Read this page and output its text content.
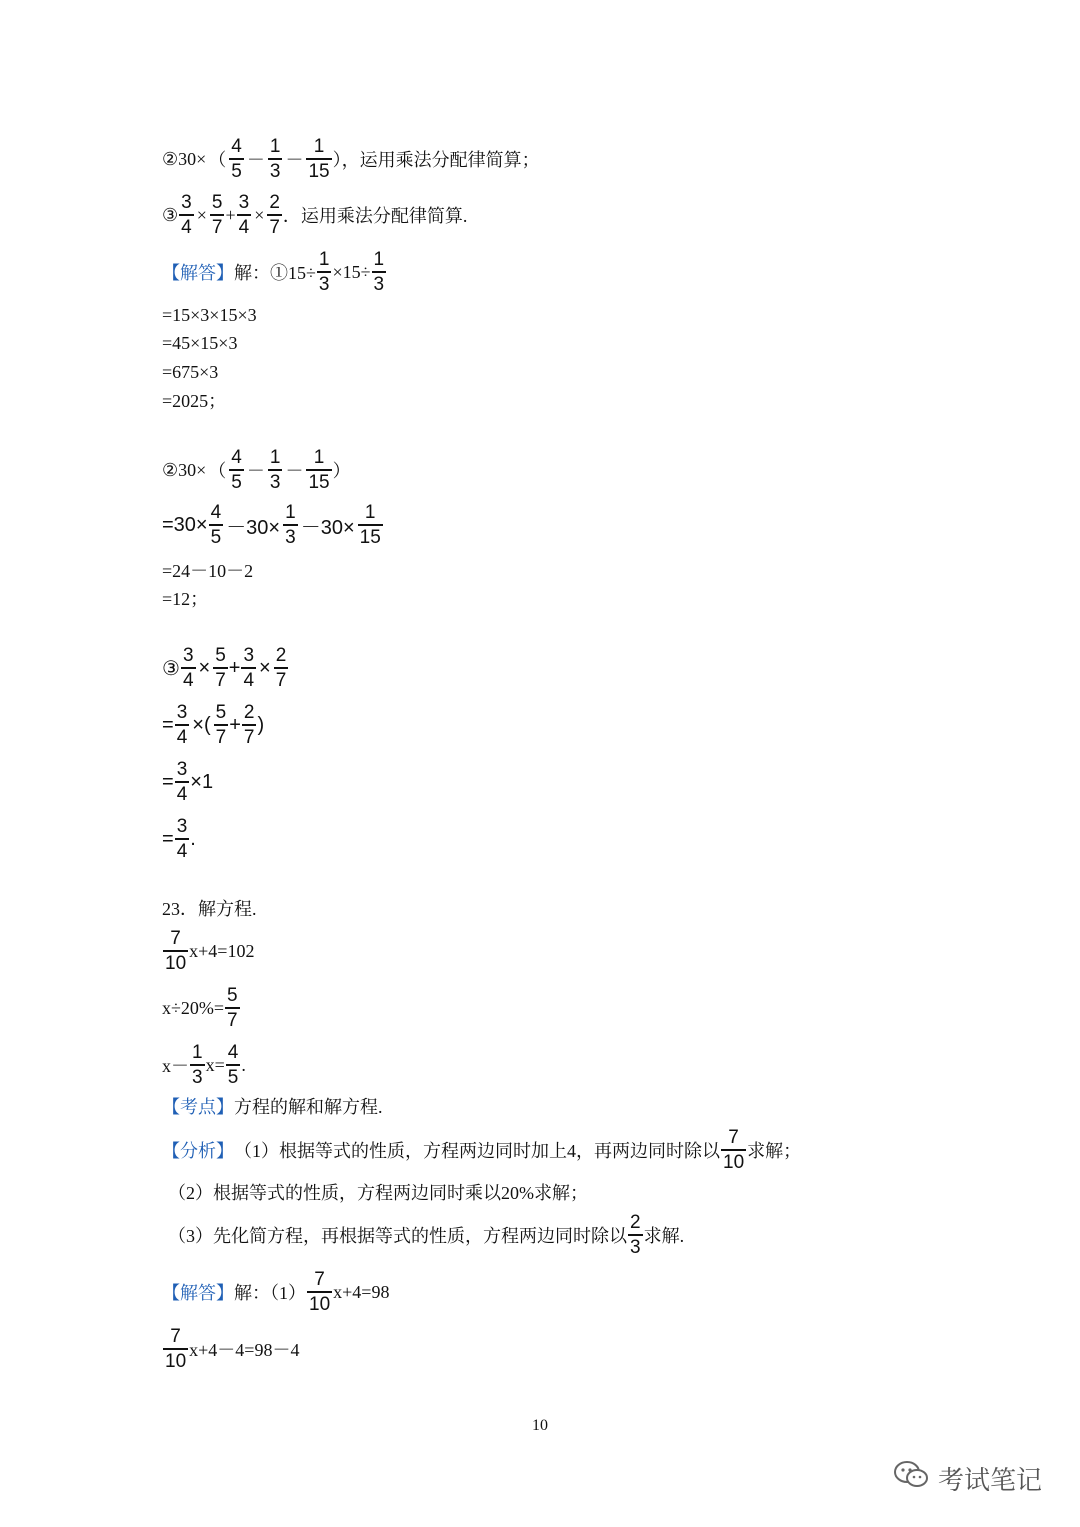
②30× （ $\frac{4}{5} - \frac{1}{3} - \frac{1}{15}$ ），运用乘法分配律简算；
③ $\frac{3}{4} \times \frac{5}{7} + \frac{3}{4} \times \frac{2}{7}$ ．运用乘法分配律简算.
【解答】 解：①15÷ $\frac{1}{3} \times 15\div \frac{1}{3}$
=15×3×15×3
=45×15×3
=675×3
=2025；
②30× （ $\frac{4}{5} - \frac{1}{3} - \frac{1}{15}$ ）
$=30\times \frac{4}{5} -30\times \frac{1}{3} -30\times \frac{1}{15}$
=24－10－2
=12；
③ $\frac{3}{4} \times \frac{5}{7} + \frac{3}{4} \times \frac{2}{7}$
= $\frac{3}{4}$ ×( $\frac{5}{7} + \frac{2}{7}$ )
= $\frac{3}{4} \times 1$
= $\frac{3}{4}$ .
23．解方程.
$\frac{7}{10} x+4=102$
$x\div 20\%= \frac{5}{7}$
$x- \frac{1}{3} x= \frac{4}{5}$ .
【考点】 方程的解和解方程.
【分析】 （1）根据等式的性质，方程两边同时加上4，再两边同时除以 $\frac{7}{10}$ 求解；
（2）根据等式的性质，方程两边同时乘以20%求解；
（3）先化简方程，再根据等式的性质，方程两边同时除以 $\frac{2}{3}$ 求解.
【解答】 解：$(1) \frac{7}{10} x+4=98$
$\frac{7}{10} x+4-4=98-4$
10
考试笔记
